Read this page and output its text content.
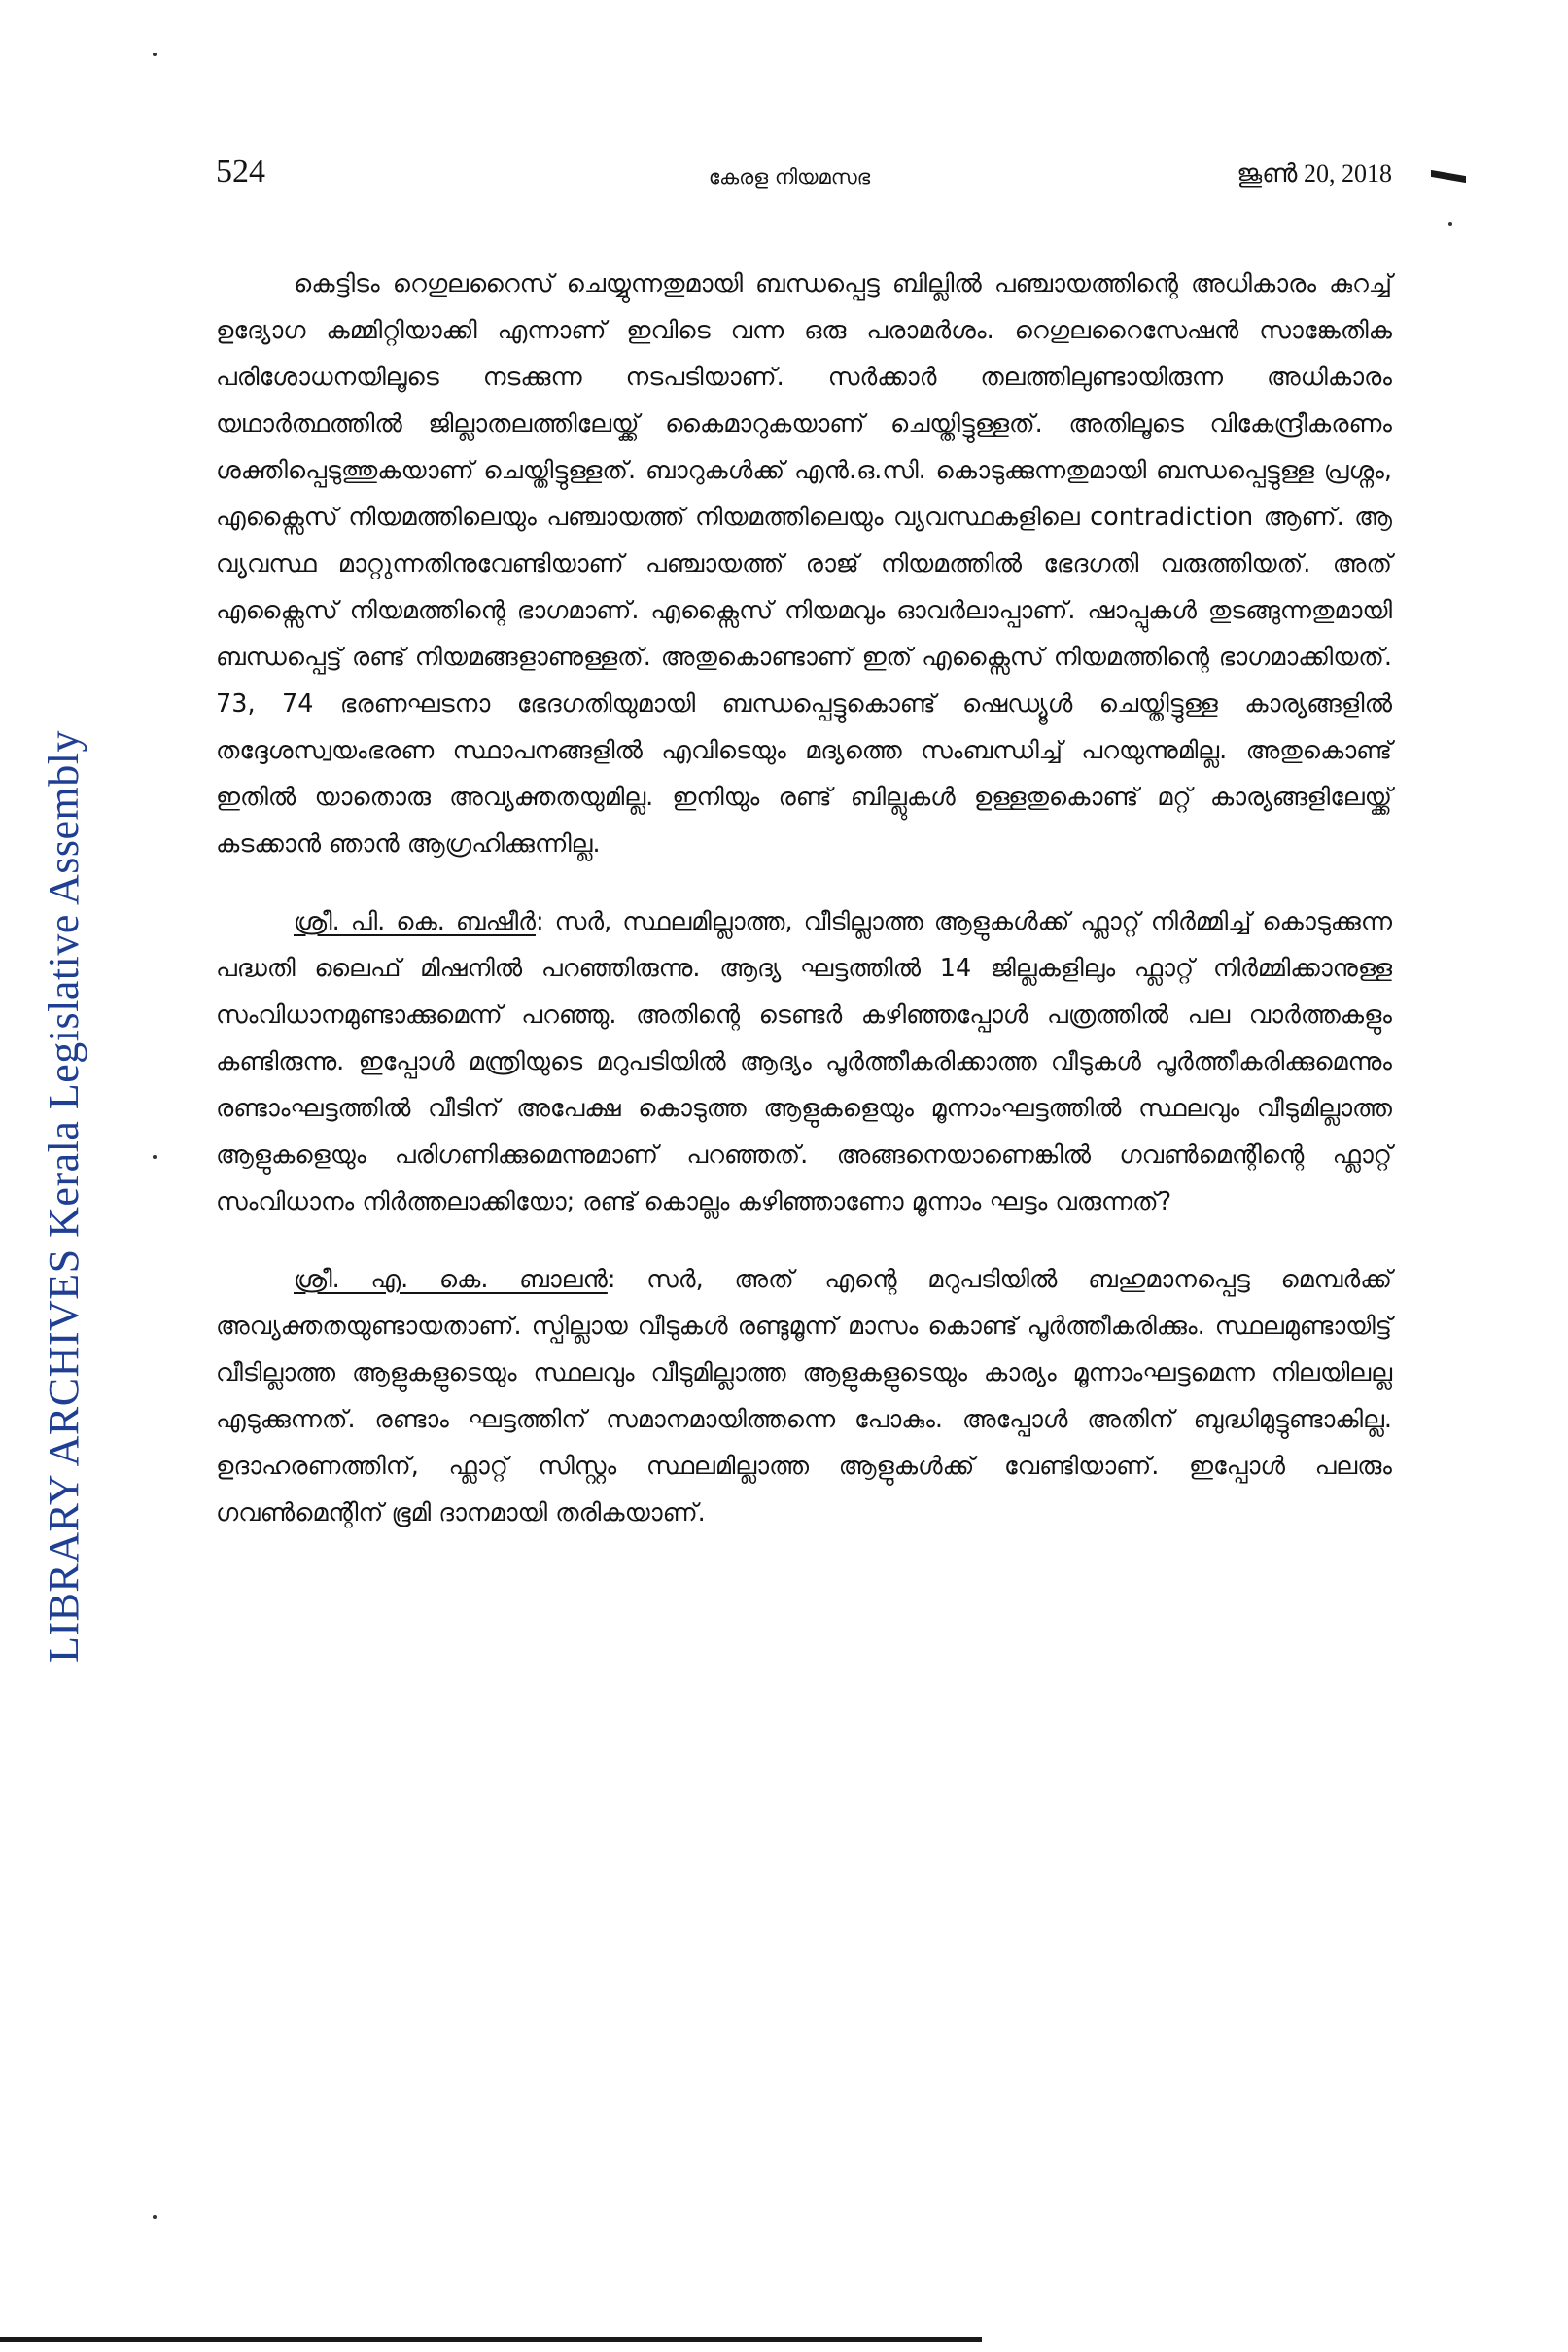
LIBRARY ARCHIVES Kerala Legislative Assembly
524	കേരള നിയമസഭ	ജൂൺ 20, 2018

കെട്ടിടം റെഗുലറൈസ് ചെയ്യുന്നതുമായി ബന്ധപ്പെട്ട ബില്ലിൽ പഞ്ചായത്തിന്റെ അധികാരം കുറച്ച് ഉദ്യോഗ കമ്മിറ്റിയാക്കി എന്നാണ് ഇവിടെ വന്ന ഒരു പരാമർശം. റെഗുലറൈസേഷൻ സാങ്കേതിക പരിശോധനയിലൂടെ നടക്കുന്ന നടപടിയാണ്. സർക്കാർ തലത്തിലുണ്ടായിരുന്ന അധികാരം യഥാർത്ഥത്തിൽ ജില്ലാതലത്തിലേയ്ക്ക് കൈമാറുകയാണ് ചെയ്തിട്ടുള്ളത്. അതിലൂടെ വികേന്ദ്രീകരണം ശക്തിപ്പെടുത്തുകയാണ് ചെയ്തിട്ടുള്ളത്. ബാറുകൾക്ക് എൻ.ഒ.സി. കൊടുക്കുന്നതുമായി ബന്ധപ്പെട്ടുള്ള പ്രശ്നം, എക്സൈസ് നിയമത്തിലെയും പഞ്ചായത്ത് നിയമത്തിലെയും വ്യവസ്ഥകളിലെ contradiction ആണ്. ആ വ്യവസ്ഥ മാറ്റുന്നതിനുവേണ്ടിയാണ് പഞ്ചായത്ത് രാജ് നിയമത്തിൽ ഭേദഗതി വരുത്തിയത്. അത് എക്സൈസ് നിയമത്തിന്റെ ഭാഗമാണ്. എക്സൈസ് നിയമവും ഓവർലാപ്പാണ്. ഷാപ്പുകൾ തുടങ്ങുന്നതുമായി ബന്ധപ്പെട്ട് രണ്ട് നിയമങ്ങളാണുള്ളത്. അതുകൊണ്ടാണ് ഇത് എക്സൈസ് നിയമത്തിന്റെ ഭാഗമാക്കിയത്. 73, 74 ഭരണഘടനാ ഭേദഗതിയുമായി ബന്ധപ്പെട്ടുകൊണ്ട് ഷെഡ്യൂൾ ചെയ്തിട്ടുള്ള കാര്യങ്ങളിൽ തദ്ദേശസ്വയംഭരണ സ്ഥാപനങ്ങളിൽ എവിടെയും മദ്യത്തെ സംബന്ധിച്ച് പറയുന്നുമില്ല. അതുകൊണ്ട് ഇതിൽ യാതൊരു അവ്യക്തതയുമില്ല. ഇനിയും രണ്ട് ബില്ലുകൾ ഉള്ളതുകൊണ്ട് മറ്റ് കാര്യങ്ങളിലേയ്ക്ക് കടക്കാൻ ഞാൻ ആഗ്രഹിക്കുന്നില്ല.

ശ്രീ. പി. കെ. ബഷീർ: സർ, സ്ഥലമില്ലാത്ത, വീടില്ലാത്ത ആളുകൾക്ക് ഫ്ലാറ്റ് നിർമ്മിച്ച് കൊടുക്കുന്ന പദ്ധതി ലൈഫ് മിഷനിൽ പറഞ്ഞിരുന്നു. ആദ്യ ഘട്ടത്തിൽ 14 ജില്ലകളിലും ഫ്ലാറ്റ് നിർമ്മിക്കാനുള്ള സംവിധാനമുണ്ടാക്കുമെന്ന് പറഞ്ഞു. അതിന്റെ ടെണ്ടർ കഴിഞ്ഞപ്പോൾ പത്രത്തിൽ പല വാർത്തകളും കണ്ടിരുന്നു. ഇപ്പോൾ മന്ത്രിയുടെ മറുപടിയിൽ ആദ്യം പൂർത്തീകരിക്കാത്ത വീടുകൾ പൂർത്തീകരിക്കുമെന്നും രണ്ടാംഘട്ടത്തിൽ വീടിന് അപേക്ഷ കൊടുത്ത ആളുകളെയും മൂന്നാംഘട്ടത്തിൽ സ്ഥലവും വീടുമില്ലാത്ത ആളുകളെയും പരിഗണിക്കുമെന്നുമാണ് പറഞ്ഞത്. അങ്ങനെയാണെങ്കിൽ ഗവൺമെന്റിന്റെ ഫ്ലാറ്റ് സംവിധാനം നിർത്തലാക്കിയോ; രണ്ട് കൊല്ലം കഴിഞ്ഞാണോ മൂന്നാം ഘട്ടം വരുന്നത്?

ശ്രീ. എ. കെ. ബാലൻ: സർ, അത് എന്റെ മറുപടിയിൽ ബഹുമാനപ്പെട്ട മെമ്പർക്ക് അവ്യക്തതയുണ്ടായതാണ്. സ്പില്ലായ വീടുകൾ രണ്ടുമൂന്ന് മാസം കൊണ്ട് പൂർത്തീകരിക്കും. സ്ഥലമുണ്ടായിട്ട് വീടില്ലാത്ത ആളുകളുടെയും സ്ഥലവും വീടുമില്ലാത്ത ആളുകളുടെയും കാര്യം മൂന്നാംഘട്ടമെന്ന നിലയിലല്ല എടുക്കുന്നത്. രണ്ടാം ഘട്ടത്തിന് സമാനമായിത്തന്നെ പോകും. അപ്പോൾ അതിന് ബുദ്ധിമുട്ടുണ്ടാകില്ല. ഉദാഹരണത്തിന്, ഫ്ലാറ്റ് സിസ്റ്റം സ്ഥലമില്ലാത്ത ആളുകൾക്ക് വേണ്ടിയാണ്. ഇപ്പോൾ പലരും ഗവൺമെന്റിന് ഭൂമി ദാനമായി തരികയാണ്.
